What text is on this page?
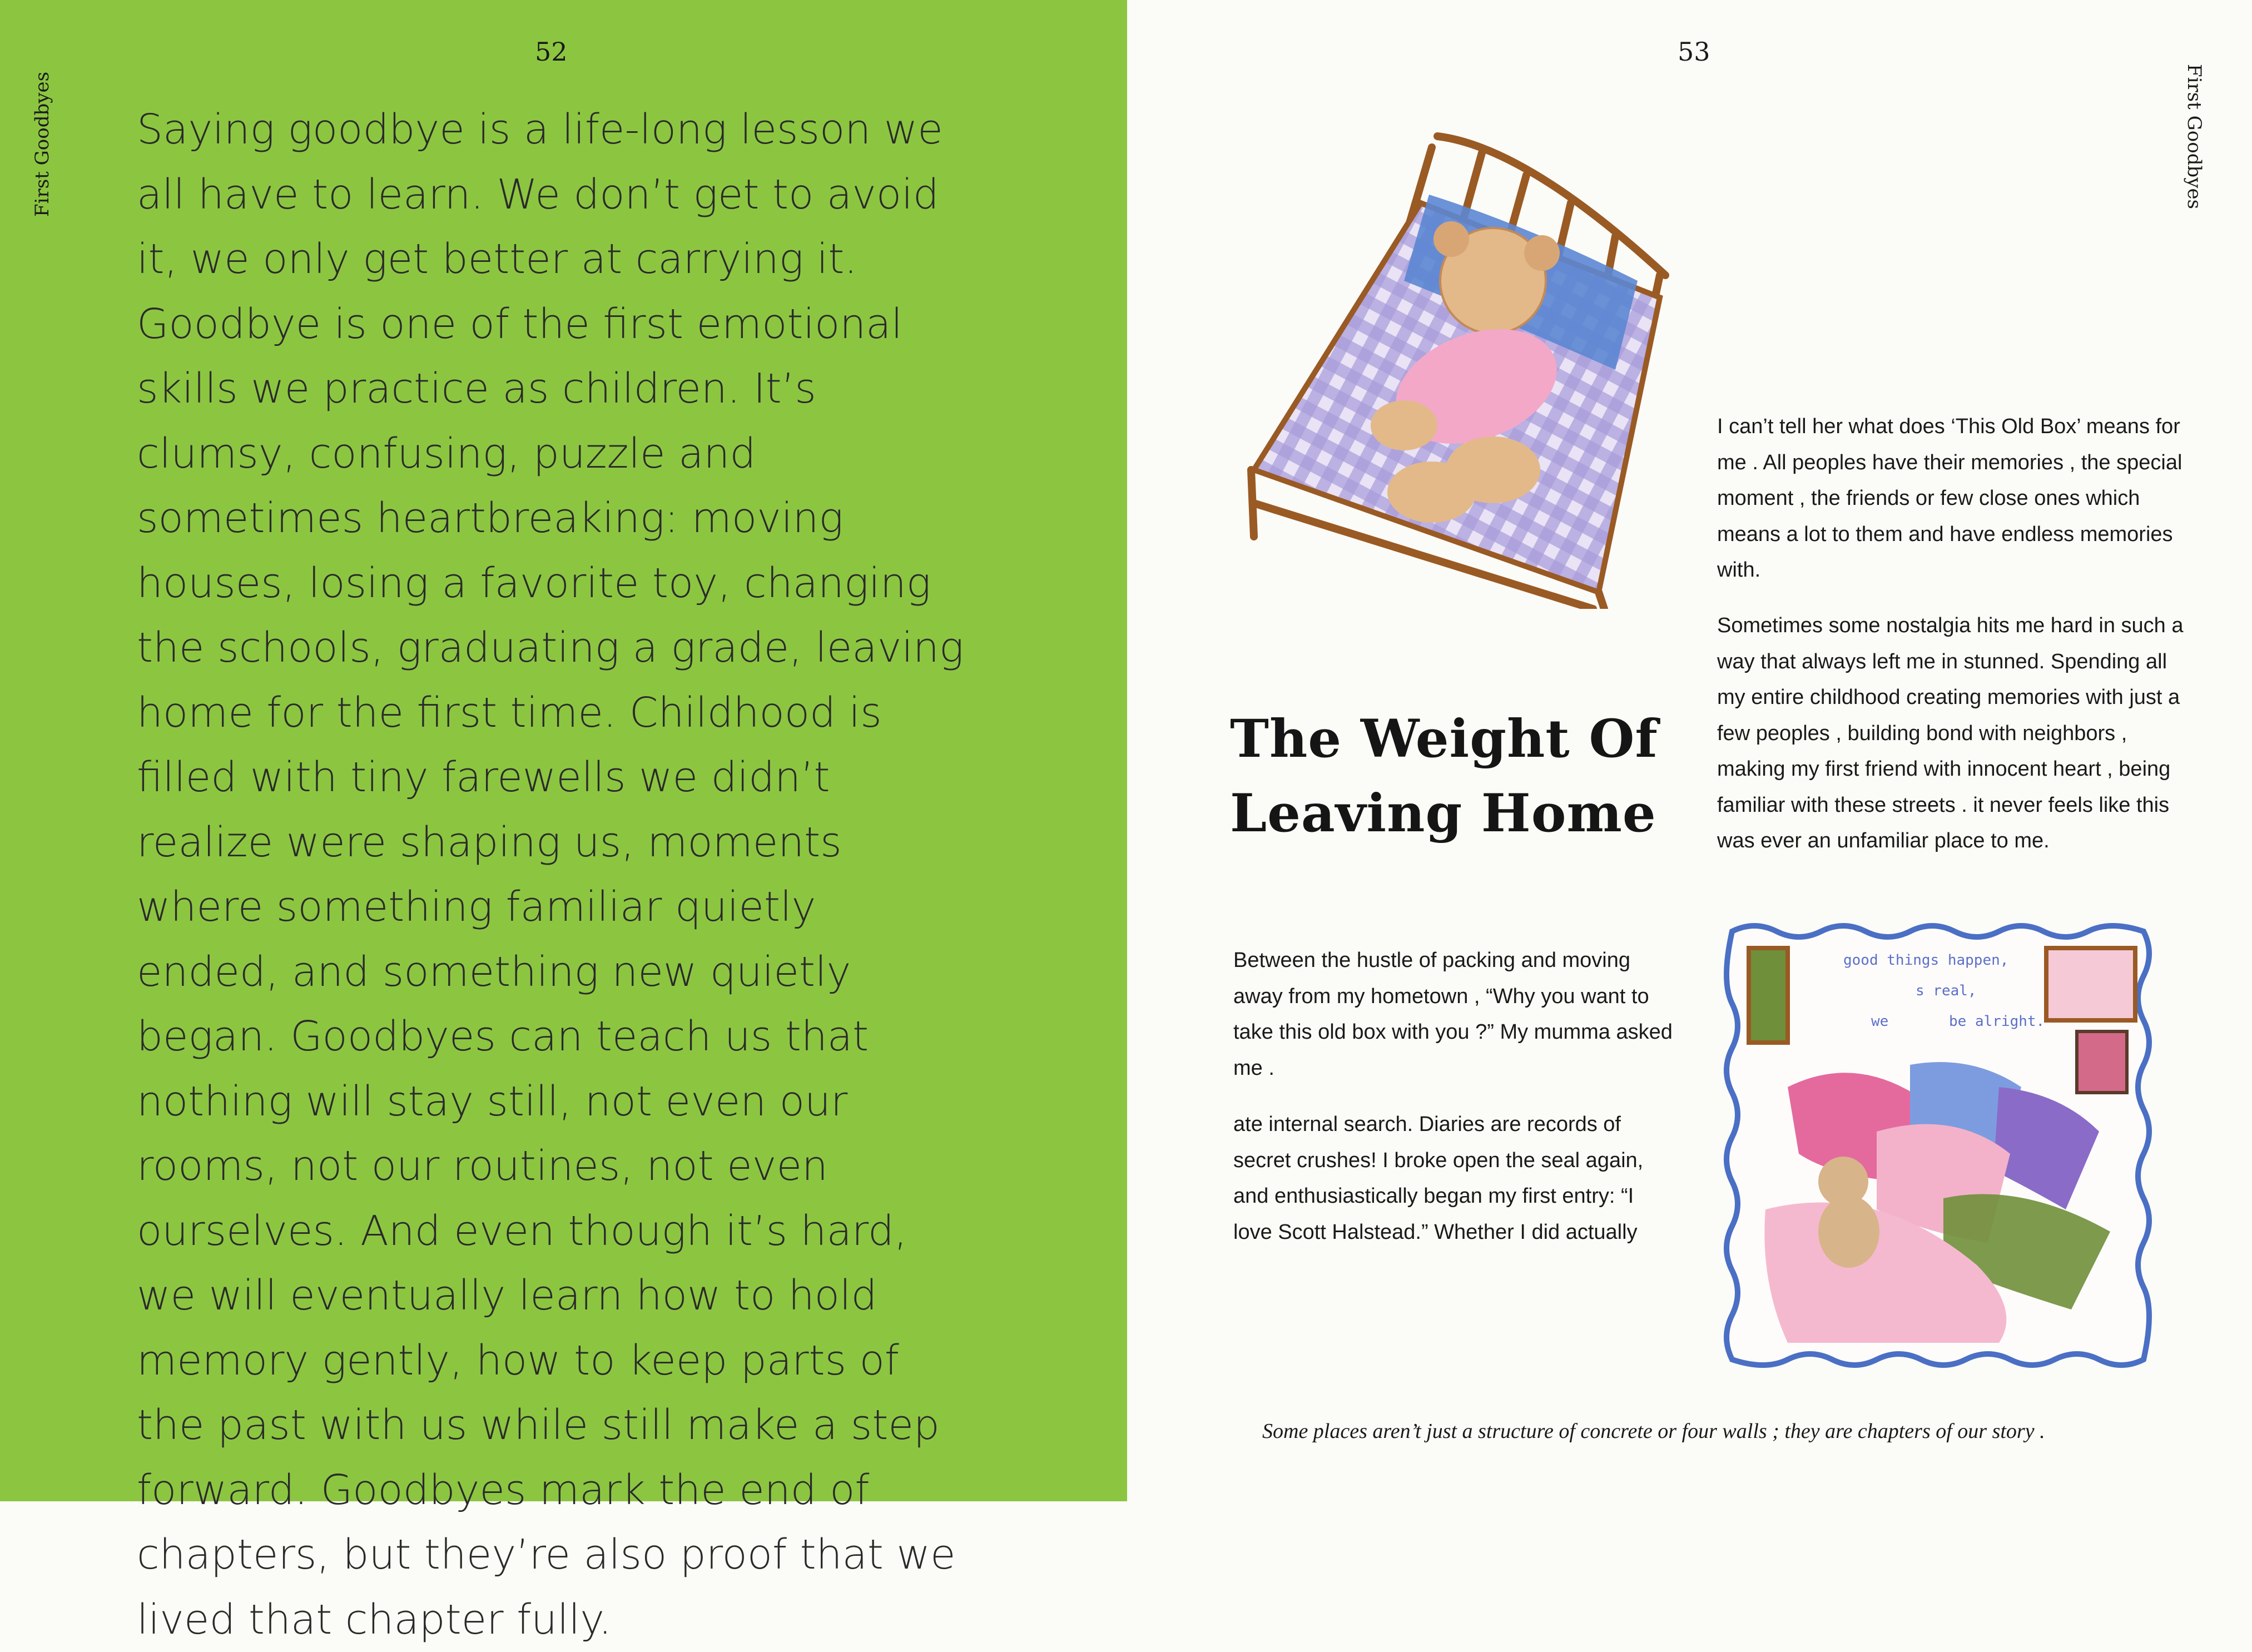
First Goodbyes
52

Saying goodbye is a life-long lesson we all have to learn. We don’t get to avoid it, we only get better at carrying it. Goodbye is one of the first emotional skills we practice as children. It’s clumsy, confusing, puzzle and sometimes heartbreaking: moving houses, losing a favorite toy, changing the schools, graduating a grade, leaving home for the first time. Childhood is filled with tiny farewells we didn’t realize were shaping us, moments where something familiar quietly ended, and something new quietly began. Goodbyes can teach us that nothing will stay still, not even our rooms, not our routines, not even ourselves. And even though it’s hard, we will eventually learn how to hold memory gently, how to keep parts of the past with us while still make a step forward. Goodbyes mark the end of chapters, but they’re also proof that we lived that chapter fully.

53
First Goodbyes
The Weight Of
Leaving Home

I can’t tell her what does ‘This Old Box’ means for me . All peoples have their memories , the special moment , the friends or few close ones which means a lot to them and have endless memories with.

Sometimes some nostalgia hits me hard in such a way that always left me in stunned. Spending all my entire childhood creating memories with just a few peoples , building bond with neighbors , making my first friend with innocent heart , being familiar with these streets . it never feels like this was ever an unfamiliar place to me.

Between the hustle of packing and moving away from my hometown , “Why you want to take this old box with you ?” My mumma asked me .

ate internal search. Diaries are records of secret crushes! I broke open the seal again, and enthusiastically began my first entry: “I love Scott Halstead.” Whether I did actually

good things happen,
s real,
we	be alright.
Some places aren’t just a structure of concrete or four walls ; they are chapters of our story .
